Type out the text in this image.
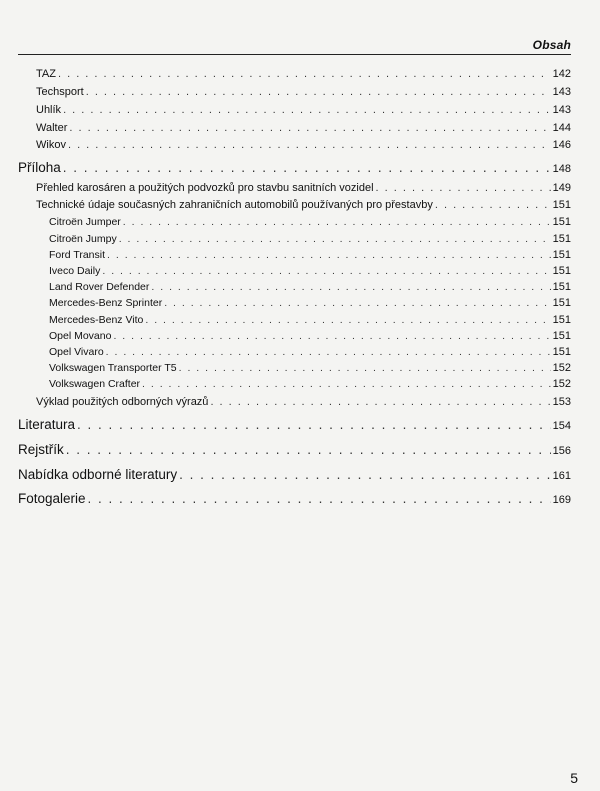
Obsah
TAZ . . .	142
Techsport . . .	143
Uhlík . . .	143
Walter . . .	144
Wikov . . .	146
Příloha . . .	148
Přehled karosáren a použitých podvozků pro stavbu sanitních vozidel . . .	149
Technické údaje současných zahraničních automobilů používaných pro přestavby . . .	151
Citroën Jumper . . .	151
Citroën Jumpy . . .	151
Ford Transit . . .	151
Iveco Daily . . .	151
Land Rover Defender . . .	151
Mercedes-Benz Sprinter . . .	151
Mercedes-Benz Vito . . .	151
Opel Movano . . .	151
Opel Vivaro . . .	151
Volkswagen Transporter T5 . . .	152
Volkswagen Crafter . . .	152
Výklad použitých odborných výrazů . . .	153
Literatura . . .	154
Rejstřík . . .	156
Nabídka odborné literatury . . .	161
Fotogalerie . . .	169
5
